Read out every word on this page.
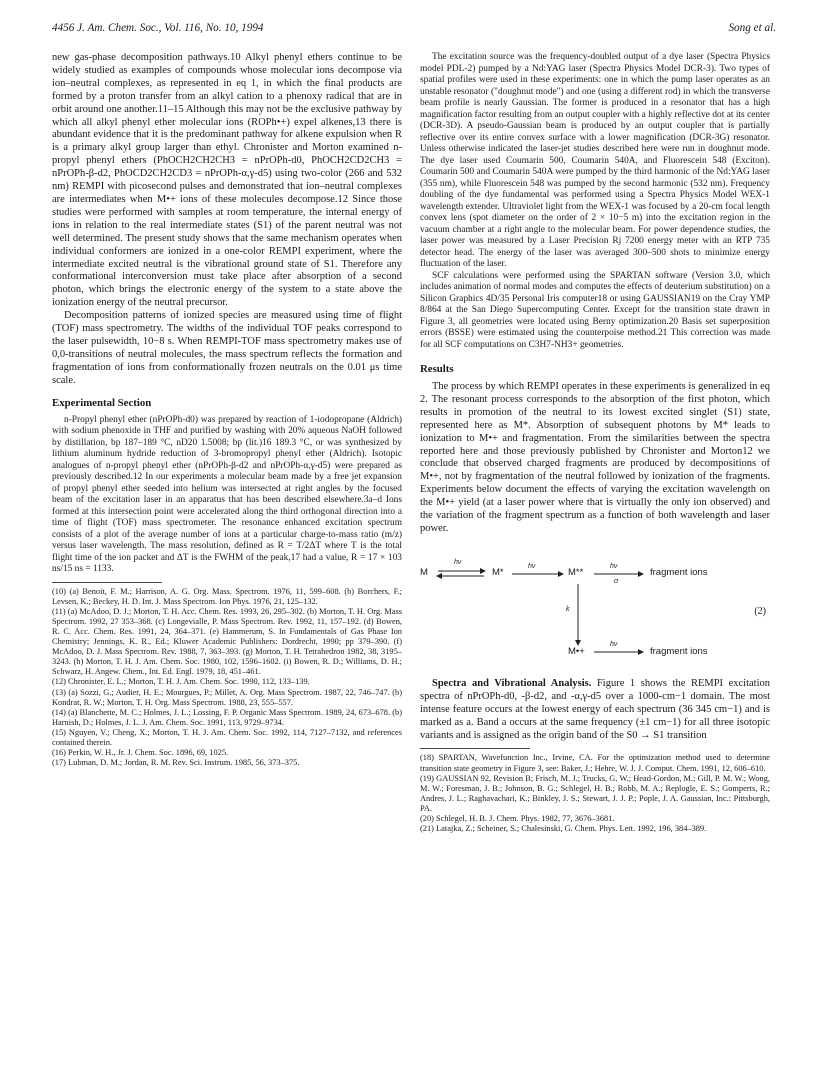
4456 J. Am. Chem. Soc., Vol. 116, No. 10, 1994	Song et al.

new gas-phase decomposition pathways.10 Alkyl phenyl ethers continue to be widely studied as examples of compounds whose molecular ions decompose via ion–neutral complexes, as represented in eq 1, in which the final products are formed by a proton transfer from an alkyl cation to a phenoxy radical that are in orbit around one another.11–15 Although this may not be the exclusive pathway by which all alkyl phenyl ether molecular ions (ROPh•+) expel alkenes,13 there is abundant evidence that it is the predominant pathway for alkene expulsion when R is a primary alkyl group larger than ethyl. Chronister and Morton examined n-propyl phenyl ethers (PhOCH2CH2CH3 = nPrOPh-d0, PhOCH2CD2CH3 = nPrOPh-β-d2, PhOCD2CH2CD3 = nPrOPh-α,γ-d5) using two-color (266 and 532 nm) REMPI with picosecond pulses and demonstrated that ion–neutral complexes are intermediates when M•+ ions of these molecules decompose.12 Since those studies were performed with samples at room temperature, the internal energy of ions in relation to the real intermediate states (S1) of the parent neutral was not well determined. The present study shows that the same mechanism operates when individual conformers are ionized in a one-color REMPI experiment, where the intermediate excited neutral is the vibrational ground state of S1. Therefore any conformational interconversion must take place after absorption of a second photon, which brings the electronic energy of the system to a state above the ionization energy of the neutral precursor.

Decomposition patterns of ionized species are measured using time of flight (TOF) mass spectrometry. The widths of the individual TOF peaks correspond to the laser pulsewidth, 10−8 s. When REMPI-TOF mass spectrometry makes use of 0,0-transitions of neutral molecules, the mass spectrum reflects the formation and fragmentation of ions from conformationally frozen neutrals on the 0.01 μs time scale.

Experimental Section

n-Propyl phenyl ether (nPrOPh-d0) was prepared by reaction of 1-iodopropane (Aldrich) with sodium phenoxide in THF and purified by washing with 20% aqueous NaOH followed by distillation, bp 187–189 °C, nD20 1.5008; bp (lit.)16 189.3 °C, or was synthesized by lithium aluminum hydride reduction of 3-bromopropyl phenyl ether (Aldrich). Isotopic analogues of n-propyl phenyl ether (nPrOPh-β-d2 and nPrOPh-α,γ-d5) were prepared as previously described.12 In our experiments a molecular beam made by a free jet expansion of propyl phenyl ether seeded into helium was intersected at right angles by the focused beam of the excitation laser in an apparatus that has been described elsewhere.3a–d Ions formed at this intersection point were accelerated along the third orthogonal direction into a time of flight (TOF) mass spectrometer. The resonance enhanced excitation spectrum consists of a plot of the average number of ions at a particular charge-to-mass ratio (m/z) versus laser wavelength. The mass resolution, defined as R = T/2ΔT where T is the total flight time of the ion packet and ΔT is the FWHM of the peak,17 had a value, R = 17 × 103 ns/15 ns = 1133.

(10) (a) Benoit, F. M.; Harrison, A. G. Org. Mass. Spectrom. 1976, 11, 599–608. (b) Borchers, F.; Levsen, K.; Beckey, H. D. Int. J. Mass Spectrom. Ion Phys. 1976, 21, 125–132.

(11) (a) McAdoo, D. J.; Morton, T. H. Acc. Chem. Res. 1993, 26, 295–302. (b) Morton, T. H. Org. Mass Spectrom. 1992, 27 353–368. (c) Longevialle, P. Mass Spectrom. Rev. 1992, 11, 157–192. (d) Bowen, R. C. Acc. Chem. Res. 1991, 24, 364–371. (e) Hammerum, S. In Fundamentals of Gas Phase Ion Chemistry; Jennings, K. R., Ed.; Kluwer Academic Publishers: Dordrecht, 1990; pp 379–390. (f) McAdoo, D. J. Mass Spectrom. Rev. 1988, 7, 363–393. (g) Morton, T. H. Tetrahedron 1982, 38, 3195–3243. (h) Morton, T. H. J. Am. Chem. Soc. 1980, 102, 1596–1602. (i) Bowen, R. D.; Williams, D. H.; Schwarz, H. Angew. Chem., Int. Ed. Engl. 1979, 18, 451–461.

(12) Chronister, E. L.; Morton, T. H. J. Am. Chem. Soc. 1990, 112, 133–139.

(13) (a) Sozzi, G.; Audier, H. E.; Mourgues, P.; Millet, A. Org. Mass Spectrom. 1987, 22, 746–747. (b) Kondrat, R. W.; Morton, T. H. Org. Mass Spectrom. 1988, 23, 555–557.

(14) (a) Blanchette, M. C.; Holmes, J. L.; Lossing, F. P. Organic Mass Spectrom. 1989, 24, 673–678. (b) Harnish, D.; Holmes, J. L. J. Am. Chem. Soc. 1991, 113, 9729–9734.

(15) Nguyen, V.; Cheng, X.; Morton, T. H. J. Am. Chem. Soc. 1992, 114, 7127–7132, and references contained therein.

(16) Perkin, W. H., Jr. J. Chem. Soc. 1896, 69, 1025.

(17) Lubman, D. M.; Jordan, R. M. Rev. Sci. Instrum. 1985, 56, 373–375.

The excitation source was the frequency-doubled output of a dye laser (Spectra Physics model PDL-2) pumped by a Nd:YAG laser (Spectra Physics Model DCR-3). Two types of spatial profiles were used in these experiments: one in which the pump laser operates as an unstable resonator ("doughnut mode") and one (using a different rod) in which the transverse beam profile is nearly Gaussian. The former is produced in a resonator that has a high magnification factor resulting from an output coupler with a highly reflective dot at its center (DCR-3D). A pseudo-Gaussian beam is produced by an output coupler that is partially reflective over its entire convex surface with a lower magnification (DCR-3G) resonator. Unless otherwise indicated the laser-jet studies described here were run in doughnut mode. The dye laser used Coumarin 500, Coumarin 540A, and Fluorescein 548 (Exciton). Coumarin 500 and Coumarin 540A were pumped by the third harmonic of the Nd:YAG laser (355 nm), while Fluorescein 548 was pumped by the second harmonic (532 nm). Frequency doubling of the dye fundamental was performed using a Spectra Physics Model WEX-1 wavelength extender. Ultraviolet light from the WEX-1 was focused by a 20-cm focal length convex lens (spot diameter on the order of 2 × 10−5 m) into the excitation region in the vacuum chamber at a right angle to the molecular beam. For power dependence studies, the laser power was measured by a Laser Precision Rj 7200 energy meter with an RTP 735 detector head. The energy of the laser was averaged 300–500 shots to minimize energy fluctuation of the laser.

SCF calculations were performed using the SPARTAN software (Version 3.0, which includes animation of normal modes and computes the effects of deuterium substitution) on a Silicon Graphics 4D/35 Personal Iris computer18 or using GAUSSIAN19 on the Cray YMP 8/864 at the San Diego Supercomputing Center. Except for the transition state drawn in Figure 3, all geometries were located using Berny optimization.20 Basis set superposition errors (BSSE) were estimated using the counterpoise method.21 This correction was made for all SCF computations on C3H7-NH3+ geometries.

Results

The process by which REMPI operates in these experiments is generalized in eq 2. The resonant process corresponds to the absorption of the first photon, which results in promotion of the neutral to its lowest excited singlet (S1) state, represented here as M*. Absorption of subsequent photons by M* leads to ionization to M•+ and fragmentation. From the similarities between the spectra reported here and those previously published by Chronister and Morton12 we conclude that observed charged fragments are produced by decompositions of M•+, not by fragmentation of the neutral followed by ionization of the fragments. Experiments below document the effects of varying the excitation wavelength on the M•+ yield (at a laser power where that is virtually the only ion observed) and the variation of the fragment spectrum as a function of both wavelength and laser power.

M
hν
M*
hν
M**
hν
σ
fragment ions
k
M•+
hν
fragment ions
(2)

Spectra and Vibrational Analysis. Figure 1 shows the REMPI excitation spectra of nPrOPh-d0, -β-d2, and -α,γ-d5 over a 1000-cm−1 domain. The most intense feature occurs at the lowest energy of each spectrum (36 345 cm−1) and is marked as a. Band a occurs at the same frequency (±1 cm−1) for all three isotopic variants and is assigned as the origin band of the S0 → S1 transition

(18) SPARTAN, Wavefunction Inc., Irvine, CA. For the optimization method used to determine transition state geometry in Figure 3, see: Baker, J.; Hehre, W. J. J. Comput. Chem. 1991, 12, 606–610.

(19) GAUSSIAN 92, Revision B; Frisch, M. J.; Trucks, G. W.; Head-Gordon, M.; Gill, P. M. W.; Wong, M. W.; Foresman, J. B.; Johnson, B. G.; Schlegel, H. B.; Robb, M. A.; Replogle, E. S.; Gomperts, R.; Andres, J. L.; Raghavachari, K.; Binkley, J. S.; Stewart, J. J. P.; Pople, J. A. Gaussian, Inc.: Pittsburgh, PA.

(20) Schlegel, H. B. J. Chem. Phys. 1982, 77, 3676–3681.

(21) Latajka, Z.; Scheiner, S.; Chalesinski, G. Chem. Phys. Lett. 1992, 196, 384–389.
